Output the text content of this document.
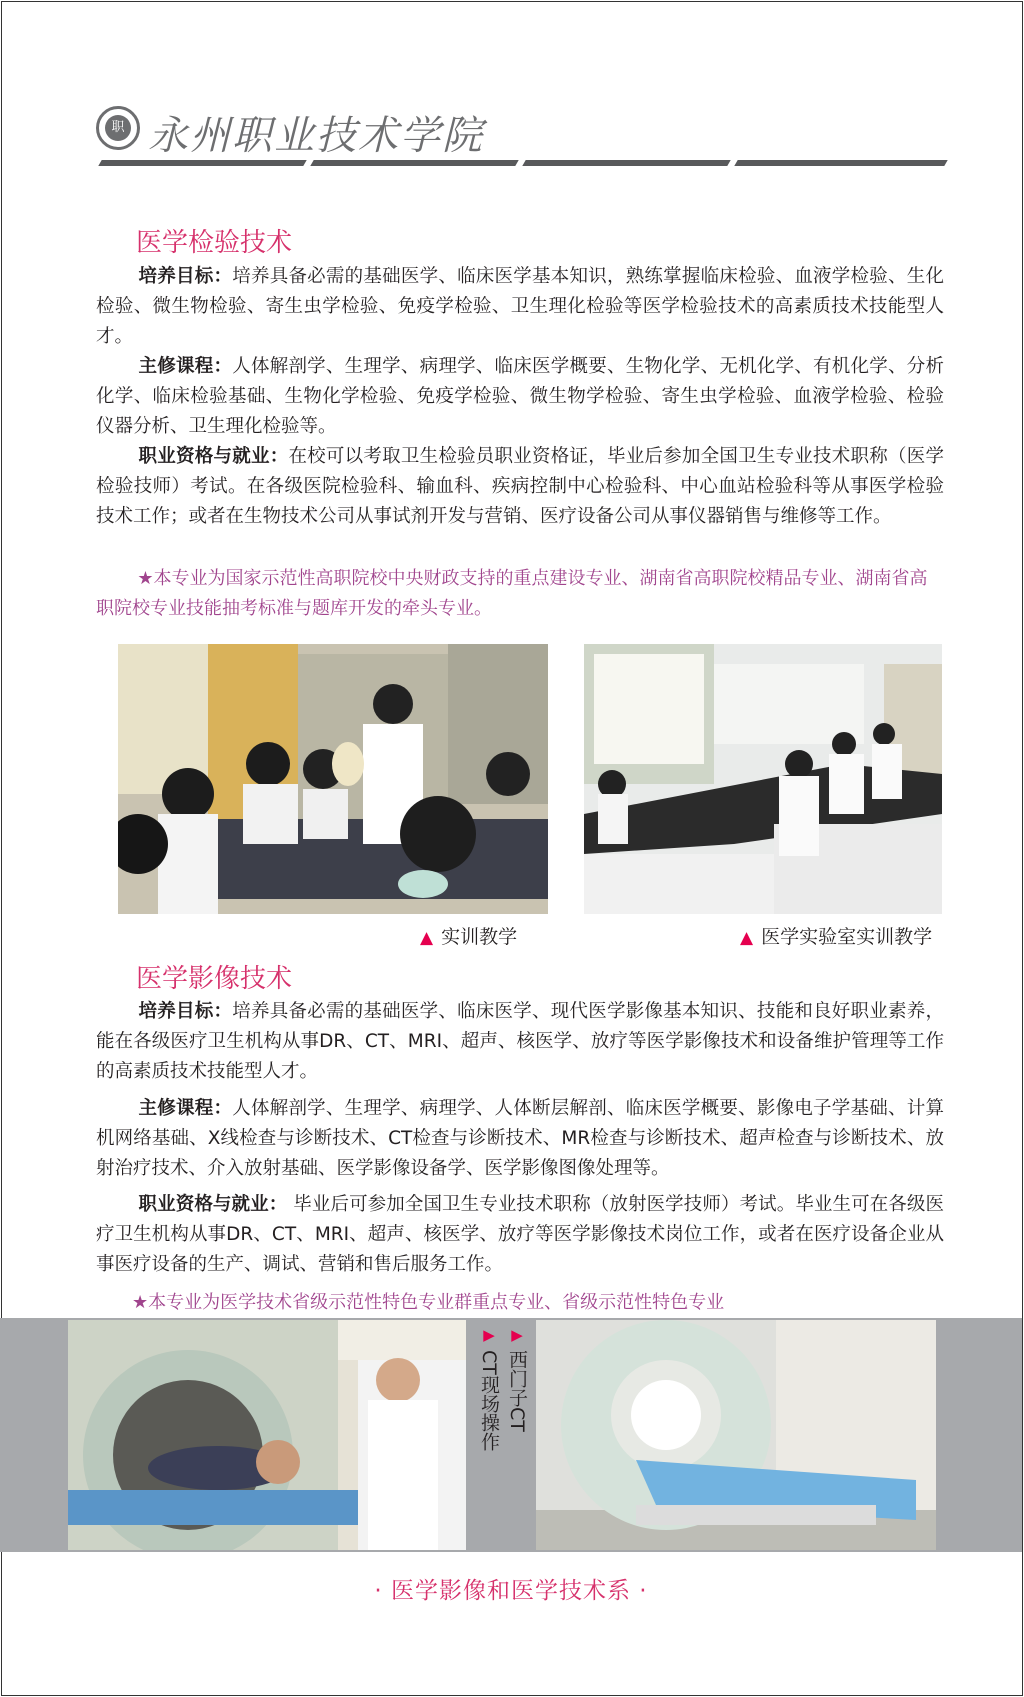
职 永州职业技术学院
医学检验技术
培养目标：培养具备必需的基础医学、临床医学基本知识，熟练掌握临床检验、血液学检验、生化检验、微生物检验、寄生虫学检验、免疫学检验、卫生理化检验等医学检验技术的高素质技术技能型人才。
主修课程：人体解剖学、生理学、病理学、临床医学概要、生物化学、无机化学、有机化学、分析化学、临床检验基础、生物化学检验、免疫学检验、微生物学检验、寄生虫学检验、血液学检验、检验仪器分析、卫生理化检验等。
职业资格与就业：在校可以考取卫生检验员职业资格证，毕业后参加全国卫生专业技术职称（医学检验技师）考试。在各级医院检验科、输血科、疾病控制中心检验科、中心血站检验科等从事医学检验技术工作；或者在生物技术公司从事试剂开发与营销、医疗设备公司从事仪器销售与维修等工作。
★本专业为国家示范性高职院校中央财政支持的重点建设专业、湖南省高职院校精品专业、湖南省高职院校专业技能抽考标准与题库开发的牵头专业。
▲ 实训教学	▲ 医学实验室实训教学
医学影像技术
培养目标：培养具备必需的基础医学、临床医学、现代医学影像基本知识、技能和良好职业素养，能在各级医疗卫生机构从事DR、CT、MRI、超声、核医学、放疗等医学影像技术和设备维护管理等工作的高素质技术技能型人才。
主修课程：人体解剖学、生理学、病理学、人体断层解剖、临床医学概要、影像电子学基础、计算机网络基础、X线检查与诊断技术、CT检查与诊断技术、MR检查与诊断技术、超声检查与诊断技术、放射治疗技术、介入放射基础、医学影像设备学、医学影像图像处理等。
职业资格与就业： 毕业后可参加全国卫生专业技术职称（放射医学技师）考试。毕业生可在各级医疗卫生机构从事DR、CT、MRI、超声、核医学、放疗等医学影像技术岗位工作，或者在医疗设备企业从事医疗设备的生产、调试、营销和售后服务工作。
★本专业为医学技术省级示范性特色专业群重点专业、省级示范性特色专业
▶CT现场操作
▶西门子CT
· 医学影像和医学技术系 ·
